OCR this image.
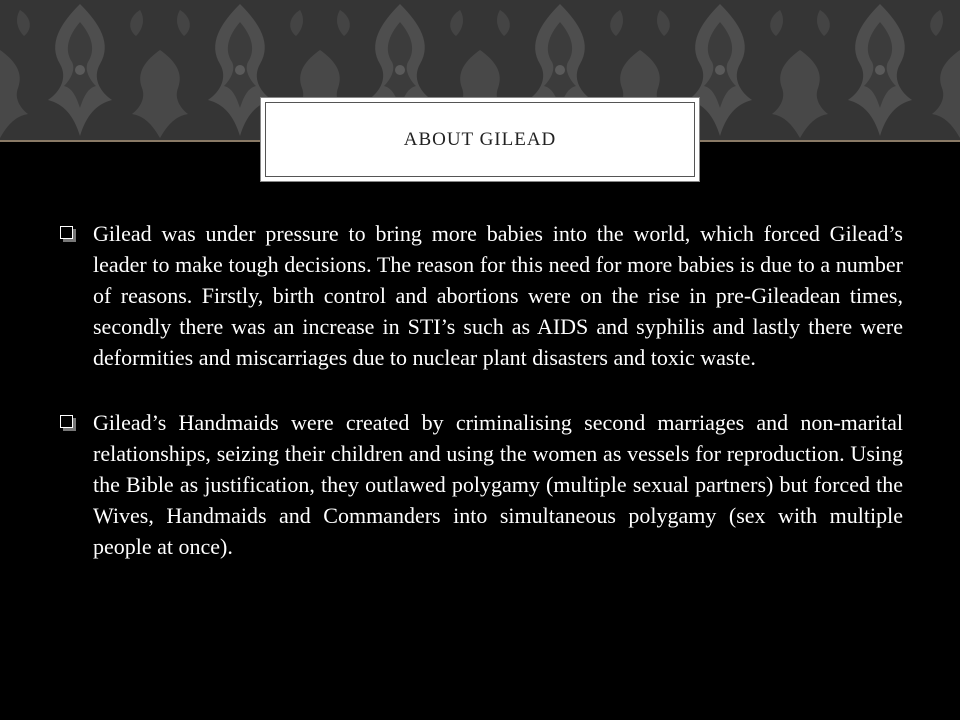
ABOUT GILEAD

Gilead was under pressure to bring more babies into the world, which forced Gilead’s leader to make tough decisions. The reason for this need for more babies is due to a number of reasons. Firstly, birth control and abortions were on the rise in pre-Gileadean times, secondly there was an increase in STI’s such as AIDS and syphilis and lastly there were deformities and miscarriages due to nuclear plant disasters and toxic waste.

Gilead’s Handmaids were created by criminalising second marriages and non-marital relationships, seizing their children and using the women as vessels for reproduction. Using the Bible as justification, they outlawed polygamy (multiple sexual partners) but forced the Wives, Handmaids and Commanders into simultaneous polygamy (sex with multiple people at once).
